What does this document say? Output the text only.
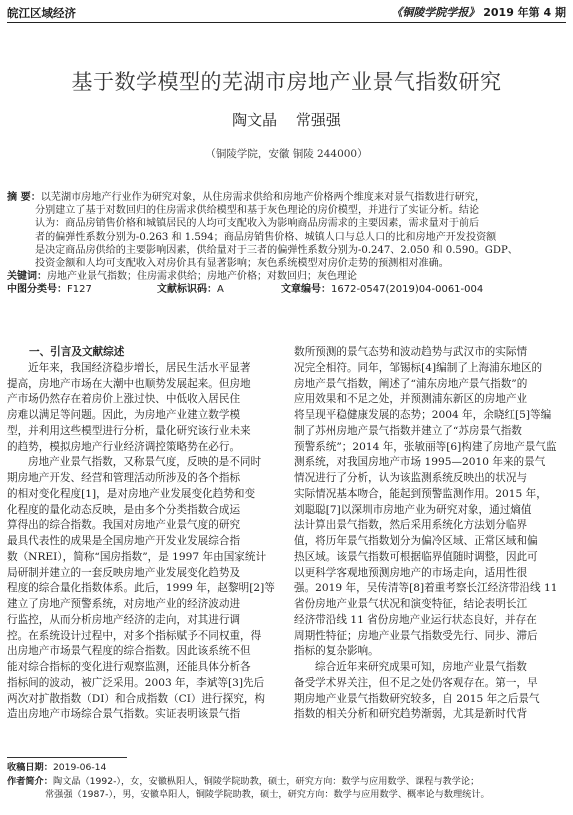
皖江区域经济	《铜陵学院学报》 2019 年第 4 期
基于数学模型的芜湖市房地产业景气指数研究
陶文晶 常强强
（铜陵学院，安徽 铜陵 244000）
摘 要：以芜湖市房地产行业作为研究对象，从住房需求供给和房地产价格两个维度来对景气指数进行研究，
分别建立了基于对数回归的住房需求供给模型和基于灰色理论的房价模型，并进行了实证分析。结论
认为：商品房销售价格和城镇居民的人均可支配收入为影响商品房需求的主要因素，需求量对于前后
者的偏弹性系数分别为-0.263 和 1.594；商品房销售价格、城镇人口与总人口的比和房地产开发投资额
是决定商品房供给的主要影响因素，供给量对于三者的偏弹性系数分别为-0.247、2.050 和 0.590。GDP、
投资金额和人均可支配收入对房价具有显著影响；灰色系统模型对房价走势的预测相对准确。
关键词：房地产业景气指数；住房需求供给；房地产价格；对数回归；灰色理论
中图分类号：F127	文献标识码：A	文章编号：1672-0547(2019)04-0061-004
一、引言及文献综述
近年来，我国经济稳步增长，居民生活水平显著
提高，房地产市场在大潮中也顺势发展起来。但房地
产市场仍然存在着房价上涨过快、中低收入居民住
房难以满足等问题。因此，为房地产业建立数学模
型，并利用这些模型进行分析，量化研究该行业未来
的趋势，模拟房地产行业经济调控策略势在必行。
房地产业景气指数，又称景气度，反映的是不同时
期房地产开发、经营和管理活动所涉及的各个指标
的相对变化程度[1]，是对房地产业发展变化趋势和变
化程度的量化动态反映，是由多个分类指数合成运
算得出的综合指数。我国对房地产业景气度的研究
最具代表性的成果是全国房地产开发业发展综合指
数（NREI），简称“国房指数”，是 1997 年由国家统计
局研制并建立的一套反映房地产业发展变化趋势及
程度的综合量化指数体系。此后，1999 年，赵黎明[2]等
建立了房地产预警系统，对房地产业的经济波动进
行监控，从而分析房地产经济的走向，对其进行调
控。在系统设计过程中，对多个指标赋予不同权重，得
出房地产市场景气程度的综合指数。因此该系统不但
能对综合指标的变化进行观察监测，还能具体分析各
指标间的波动，被广泛采用。2003 年，李斌等[3]先后
两次对扩散指数（DI）和合成指数（CI）进行探究，构
造出房地产市场综合景气指数。实证表明该景气指
数所预测的景气态势和波动趋势与武汉市的实际情
况完全相符。同年，邹锡标[4]编制了上海浦东地区的
房地产景气指数，阐述了“浦东房地产景气指数”的
应用效果和不足之处，并预测浦东新区的房地产业
将呈现平稳健康发展的态势；2004 年，余晓红[5]等编
制了苏州房地产景气指数并建立了“苏房景气指数
预警系统”；2014 年，张敏丽等[6]构建了房地产景气监
测系统，对我国房地产市场 1995—2010 年来的景气
情况进行了分析，认为该监测系统反映出的状况与
实际情况基本吻合，能起到预警监测作用。2015 年，
刘聪聪[7]以深圳市房地产业为研究对象，通过熵值
法计算出景气指数，然后采用系统化方法划分临界
值，将历年景气指数划分为偏冷区域、正常区域和偏
热区域。该景气指数可根据临界值随时调整，因此可
以更科学客观地预测房地产的市场走向，适用性很
强。2019 年，吴传清等[8]着重考察长江经济带沿线 11
省份房地产业景气状况和演变特征，结论表明长江
经济带沿线 11 省份房地产业运行状态良好，并存在
周期性特征；房地产业景气指数受先行、同步、滞后
指标的复杂影响。
综合近年来研究成果可知，房地产业景气指数
备受学术界关注，但不足之处仍客观存在。第一，早
期房地产业景气指数研究较多，自 2015 年之后景气
指数的相关分析和研究趋势渐弱，尤其是新时代背
收稿日期：2019-06-14
作者简介：陶文晶（1992-），女，安徽枞阳人，铜陵学院助教，硕士，研究方向：数学与应用数学、课程与教学论；
常强强（1987-），男，安徽阜阳人，铜陵学院助教，硕士，研究方向：数学与应用数学、概率论与数理统计。
